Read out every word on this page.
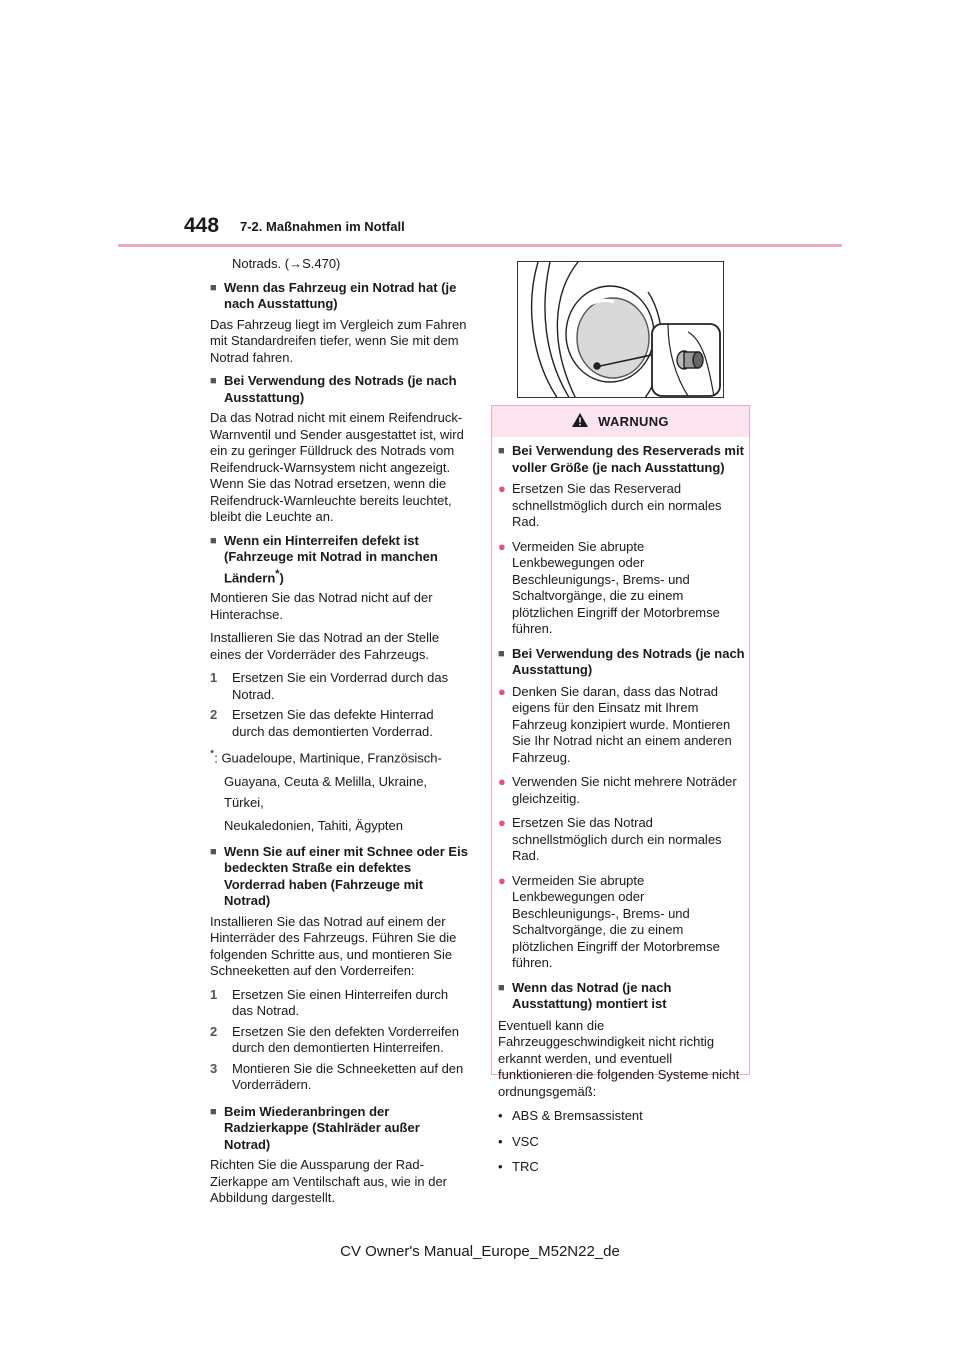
448 7-2. Maßnahmen im Notfall

Notrads. (→S.470)

■ Wenn das Fahrzeug ein Notrad hat (je nach Ausstattung)

Das Fahrzeug liegt im Vergleich zum Fahren mit Standardreifen tiefer, wenn Sie mit dem Notrad fahren.

■ Bei Verwendung des Notrads (je nach Ausstattung)

Da das Notrad nicht mit einem Reifendruck-Warnventil und Sender ausgestattet ist, wird ein zu geringer Fülldruck des Notrads vom Reifendruck-Warnsystem nicht angezeigt. Wenn Sie das Notrad ersetzen, wenn die Reifendruck-Warnleuchte bereits leuchtet, bleibt die Leuchte an.

■ Wenn ein Hinterreifen defekt ist (Fahrzeuge mit Notrad in manchen Ländern*)

Montieren Sie das Notrad nicht auf der Hinterachse.

Installieren Sie das Notrad an der Stelle eines der Vorderräder des Fahrzeugs.

1	Ersetzen Sie ein Vorderrad durch das Notrad.

2	Ersetzen Sie das defekte Hinterrad durch das demontierten Vorderrad.

*: Guadeloupe, Martinique, Französisch-

Guayana, Ceuta & Melilla, Ukraine, Türkei,

Neukaledonien, Tahiti, Ägypten

■ Wenn Sie auf einer mit Schnee oder Eis bedeckten Straße ein defektes Vorderrad haben (Fahrzeuge mit Notrad)

Installieren Sie das Notrad auf einem der Hinterräder des Fahrzeugs. Führen Sie die folgenden Schritte aus, und montieren Sie Schneeketten auf den Vorderreifen:

1	Ersetzen Sie einen Hinterreifen durch das Notrad.

2	Ersetzen Sie den defekten Vorderreifen durch den demontierten Hinterreifen.

3	Montieren Sie die Schneeketten auf den Vorderrädern.

■ Beim Wiederanbringen der Radzierkappe (Stahlräder außer Notrad)

Richten Sie die Aussparung der Rad-Zierkappe am Ventilschaft aus, wie in der Abbildung dargestellt.

WARNUNG

■ Bei Verwendung des Reserverads mit voller Größe (je nach Ausstattung)

● Ersetzen Sie das Reserverad schnellstmöglich durch ein normales Rad.

● Vermeiden Sie abrupte Lenkbewegungen oder Beschleunigungs-, Brems- und Schaltvorgänge, die zu einem plötzlichen Eingriff der Motorbremse führen.

■ Bei Verwendung des Notrads (je nach Ausstattung)

● Denken Sie daran, dass das Notrad eigens für den Einsatz mit Ihrem Fahrzeug konzipiert wurde. Montieren Sie Ihr Notrad nicht an einem anderen Fahrzeug.

● Verwenden Sie nicht mehrere Noträder gleichzeitig.

● Ersetzen Sie das Notrad schnellstmöglich durch ein normales Rad.

● Vermeiden Sie abrupte Lenkbewegungen oder Beschleunigungs-, Brems- und Schaltvorgänge, die zu einem plötzlichen Eingriff der Motorbremse führen.

■ Wenn das Notrad (je nach Ausstattung) montiert ist

Eventuell kann die Fahrzeuggeschwindigkeit nicht richtig erkannt werden, und eventuell funktionieren die folgenden Systeme nicht ordnungsgemäß:

• ABS & Bremsassistent

• VSC

• TRC

CV Owner's Manual_Europe_M52N22_de
